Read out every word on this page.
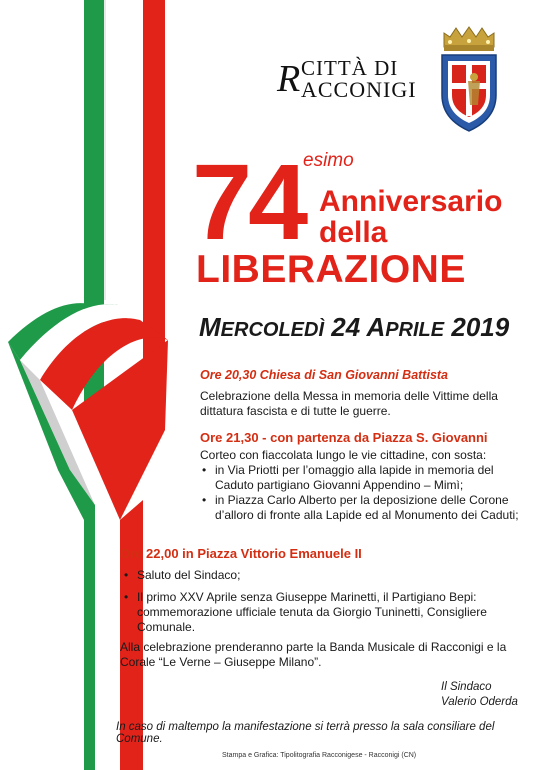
CITTÀ DI
ACCONIGI
R
74
esimo
Anniversario
della
LIBERAZIONE
MERCOLEDÌ 24 APRILE 2019
Ore 20,30 Chiesa di San Giovanni Battista
Celebrazione della Messa in memoria delle Vittime della dittatura fascista e di tutte le guerre.
Ore 21,30 - con partenza da Piazza S. Giovanni
Corteo con fiaccolata lungo le vie cittadine, con sosta:
• in Via Priotti per l’omaggio alla lapide in memoria del Caduto partigiano Giovanni Appendino – Mimì;
• in Piazza Carlo Alberto per la deposizione delle Corone d’alloro di fronte alla Lapide ed al Monumento dei Caduti;
Ore 22,00 in Piazza Vittorio Emanuele II
• Saluto del Sindaco;
• Il primo XXV Aprile senza Giuseppe Marinetti, il Partigiano Bepi: commemorazione ufficiale tenuta da Giorgio Tuninetti, Consigliere Comunale.
Alla celebrazione prenderanno parte la Banda Musicale di Racconigi e la Corale “Le Verne – Giuseppe Milano”.
Il Sindaco
Valerio Oderda
In caso di maltempo la manifestazione si terrà presso la sala consiliare del Comune.
Stampa e Grafica: Tipolitografia Racconigese - Racconigi (CN)
